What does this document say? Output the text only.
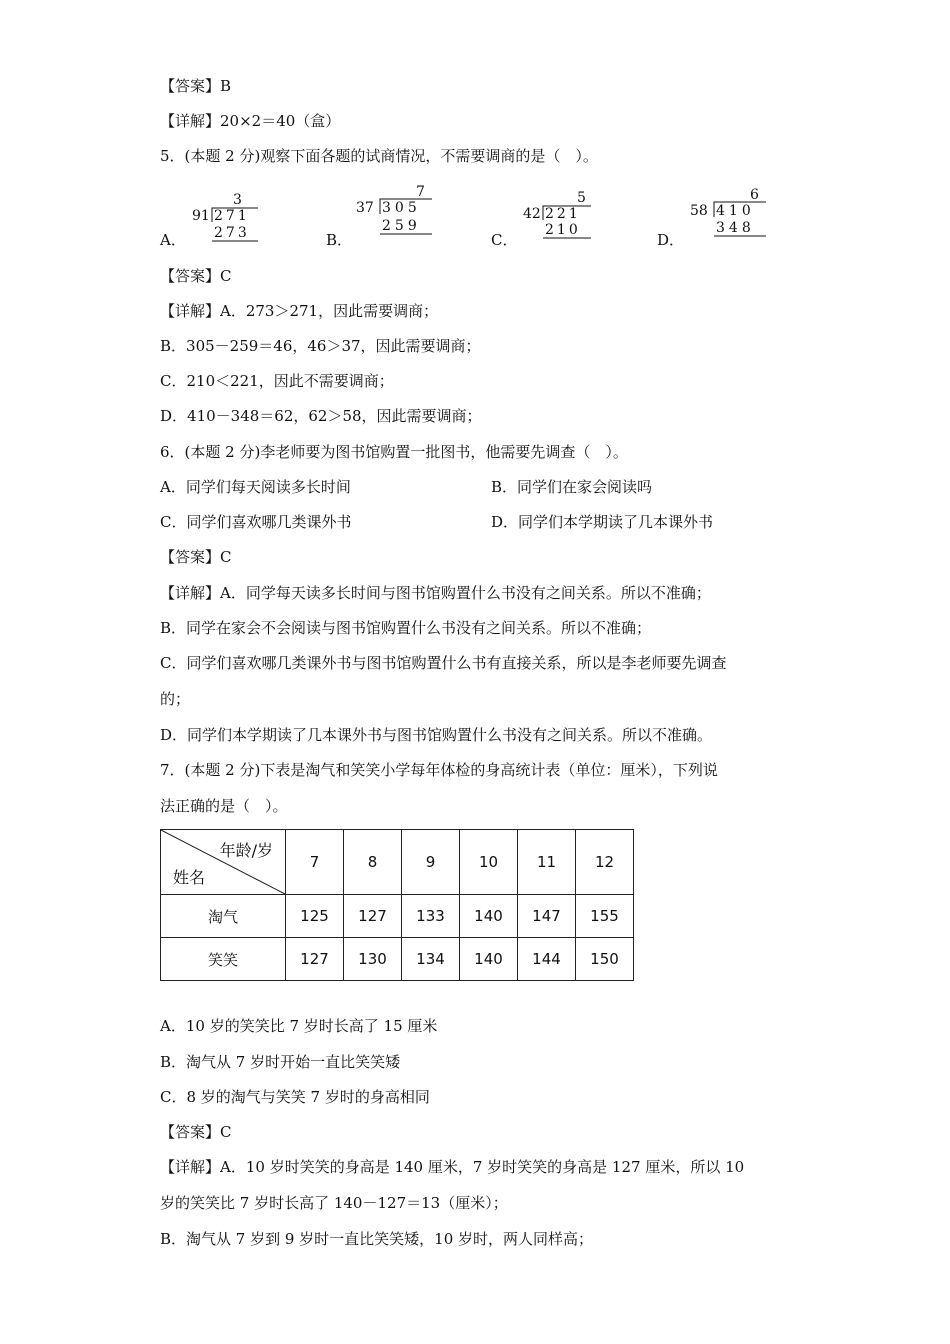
【答案】B
【详解】20×2＝40（盒）
5．(本题 2 分)观察下面各题的试商情况，不需要调商的是（　）。
A．
3
91 271
273	B．
7
37 305
259
C．
5
42 221
210
D．
6
58 410
348
【答案】C
【详解】A．273＞271，因此需要调商；
B．305－259＝46，46＞37，因此需要调商；
C．210＜221，因此不需要调商；
D．410－348＝62，62＞58，因此需要调商；
6．(本题 2 分)李老师要为图书馆购置一批图书，他需要先调查（　）。
A．同学们每天阅读多长时间	B．同学们在家会阅读吗
C．同学们喜欢哪几类课外书	D．同学们本学期读了几本课外书
【答案】C
【详解】A．同学每天读多长时间与图书馆购置什么书没有之间关系。所以不准确；
B．同学在家会不会阅读与图书馆购置什么书没有之间关系。所以不准确；
C．同学们喜欢哪几类课外书与图书馆购置什么书有直接关系，所以是李老师要先调查
的；
D．同学们本学期读了几本课外书与图书馆购置什么书没有之间关系。所以不准确。
7．(本题 2 分)下表是淘气和笑笑小学每年体检的身高统计表（单位：厘米），下列说
法正确的是（　）。
年龄/岁
姓名	7	8	9	10	11	12
淘气	125	127	133	140	147	155
笑笑	127	130	134	140	144	150
A．10 岁的笑笑比 7 岁时长高了 15 厘米
B．淘气从 7 岁时开始一直比笑笑矮
C．8 岁的淘气与笑笑 7 岁时的身高相同
【答案】C
【详解】A．10 岁时笑笑的身高是 140 厘米，7 岁时笑笑的身高是 127 厘米，所以 10
岁的笑笑比 7 岁时长高了 140－127＝13（厘米）；
B．淘气从 7 岁到 9 岁时一直比笑笑矮，10 岁时，两人同样高；
